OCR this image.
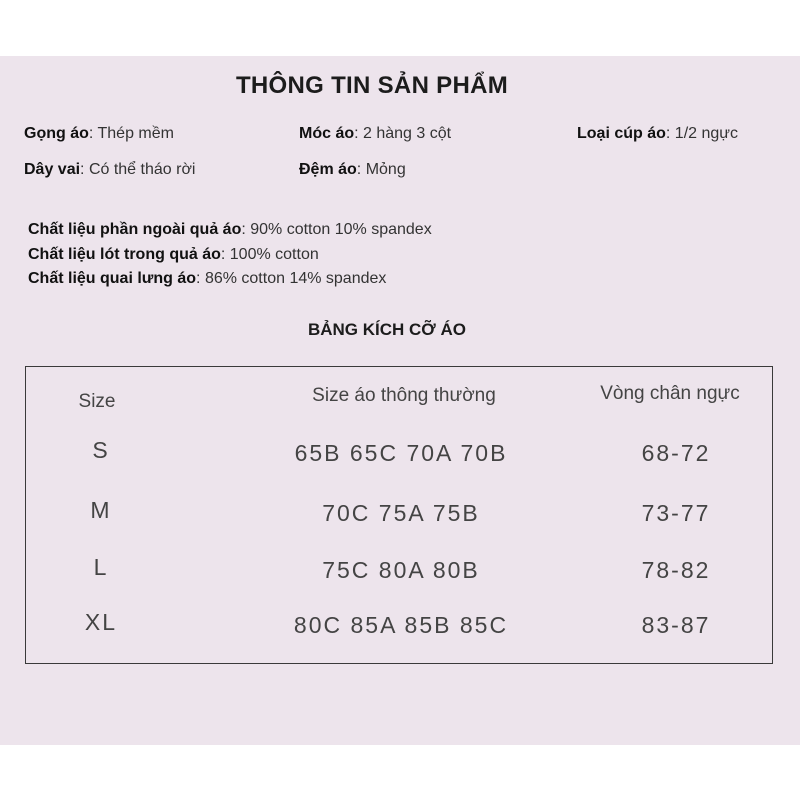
THÔNG TIN SẢN PHẨM
Gọng áo: Thép mềm	Móc áo: 2 hàng 3 cột	Loại cúp áo: 1/2 ngực
Dây vai: Có thể tháo rời	Đệm áo: Mỏng
Chất liệu phần ngoài quả áo: 90% cotton 10% spandex
Chất liệu lót trong quả áo: 100% cotton
Chất liệu quai lưng áo: 86% cotton 14% spandex
BẢNG KÍCH CỠ ÁO
Size	Size áo thông thường	Vòng chân ngực
S	65B 65C 70A 70B	68-72
M	70C 75A 75B	73-77
L	75C 80A 80B	78-82
XL	80C 85A 85B 85C	83-87
